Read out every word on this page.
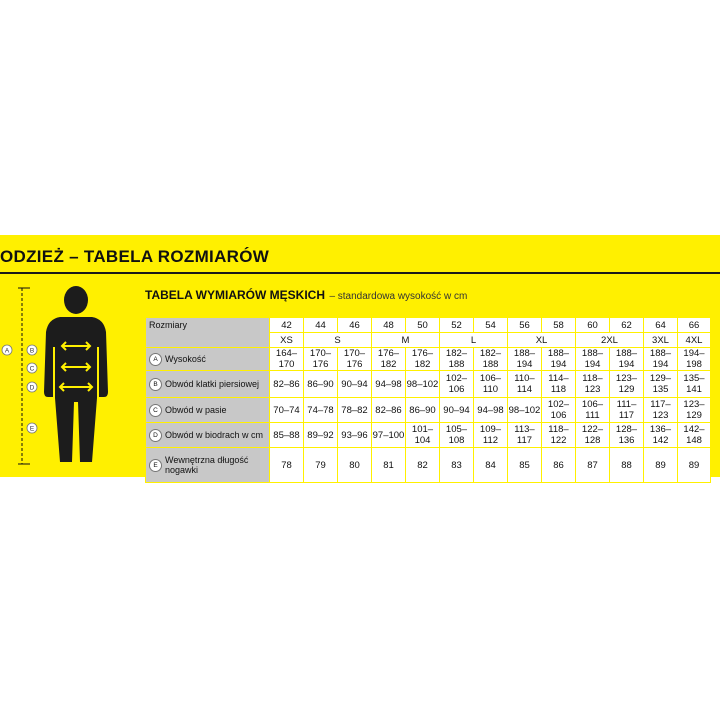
ODZIEŻ – TABELA ROZMIARÓW
A	B
C
D
E
TABELA WYMIARÓW MĘSKICH – standardowa wysokość w cm
Rozmiary	42	44	46	48	50	52	54	56	58	60	62	64	66
	XS	S		M		L		XL		2XL		3XL	4XL

A Wysokość	164–170	170–176	170–176	176–182	176–182	182–188	182–188	188–194	188–194	188–194	188–194	188–194	194–198

B Obwód klatki piersiowej	82–86	86–90	90–94	94–98	98–102	102–106	106–110	110–114	114–118	118–123	123–129	129–135	135–141

C Obwód w pasie	70–74	74–78	78–82	82–86	86–90	90–94	94–98	98–102	102–106	106–111	111–117	117–123	123–129

D Obwód w biodrach w cm	85–88	89–92	93–96	97–100	101–104	105–108	109–112	113–117	118–122	122–128	128–136	136–142	142–148

E Wewnętrzna długość nogawki	78	79	80	81	82	83	84	85	86	87	88	89	89
